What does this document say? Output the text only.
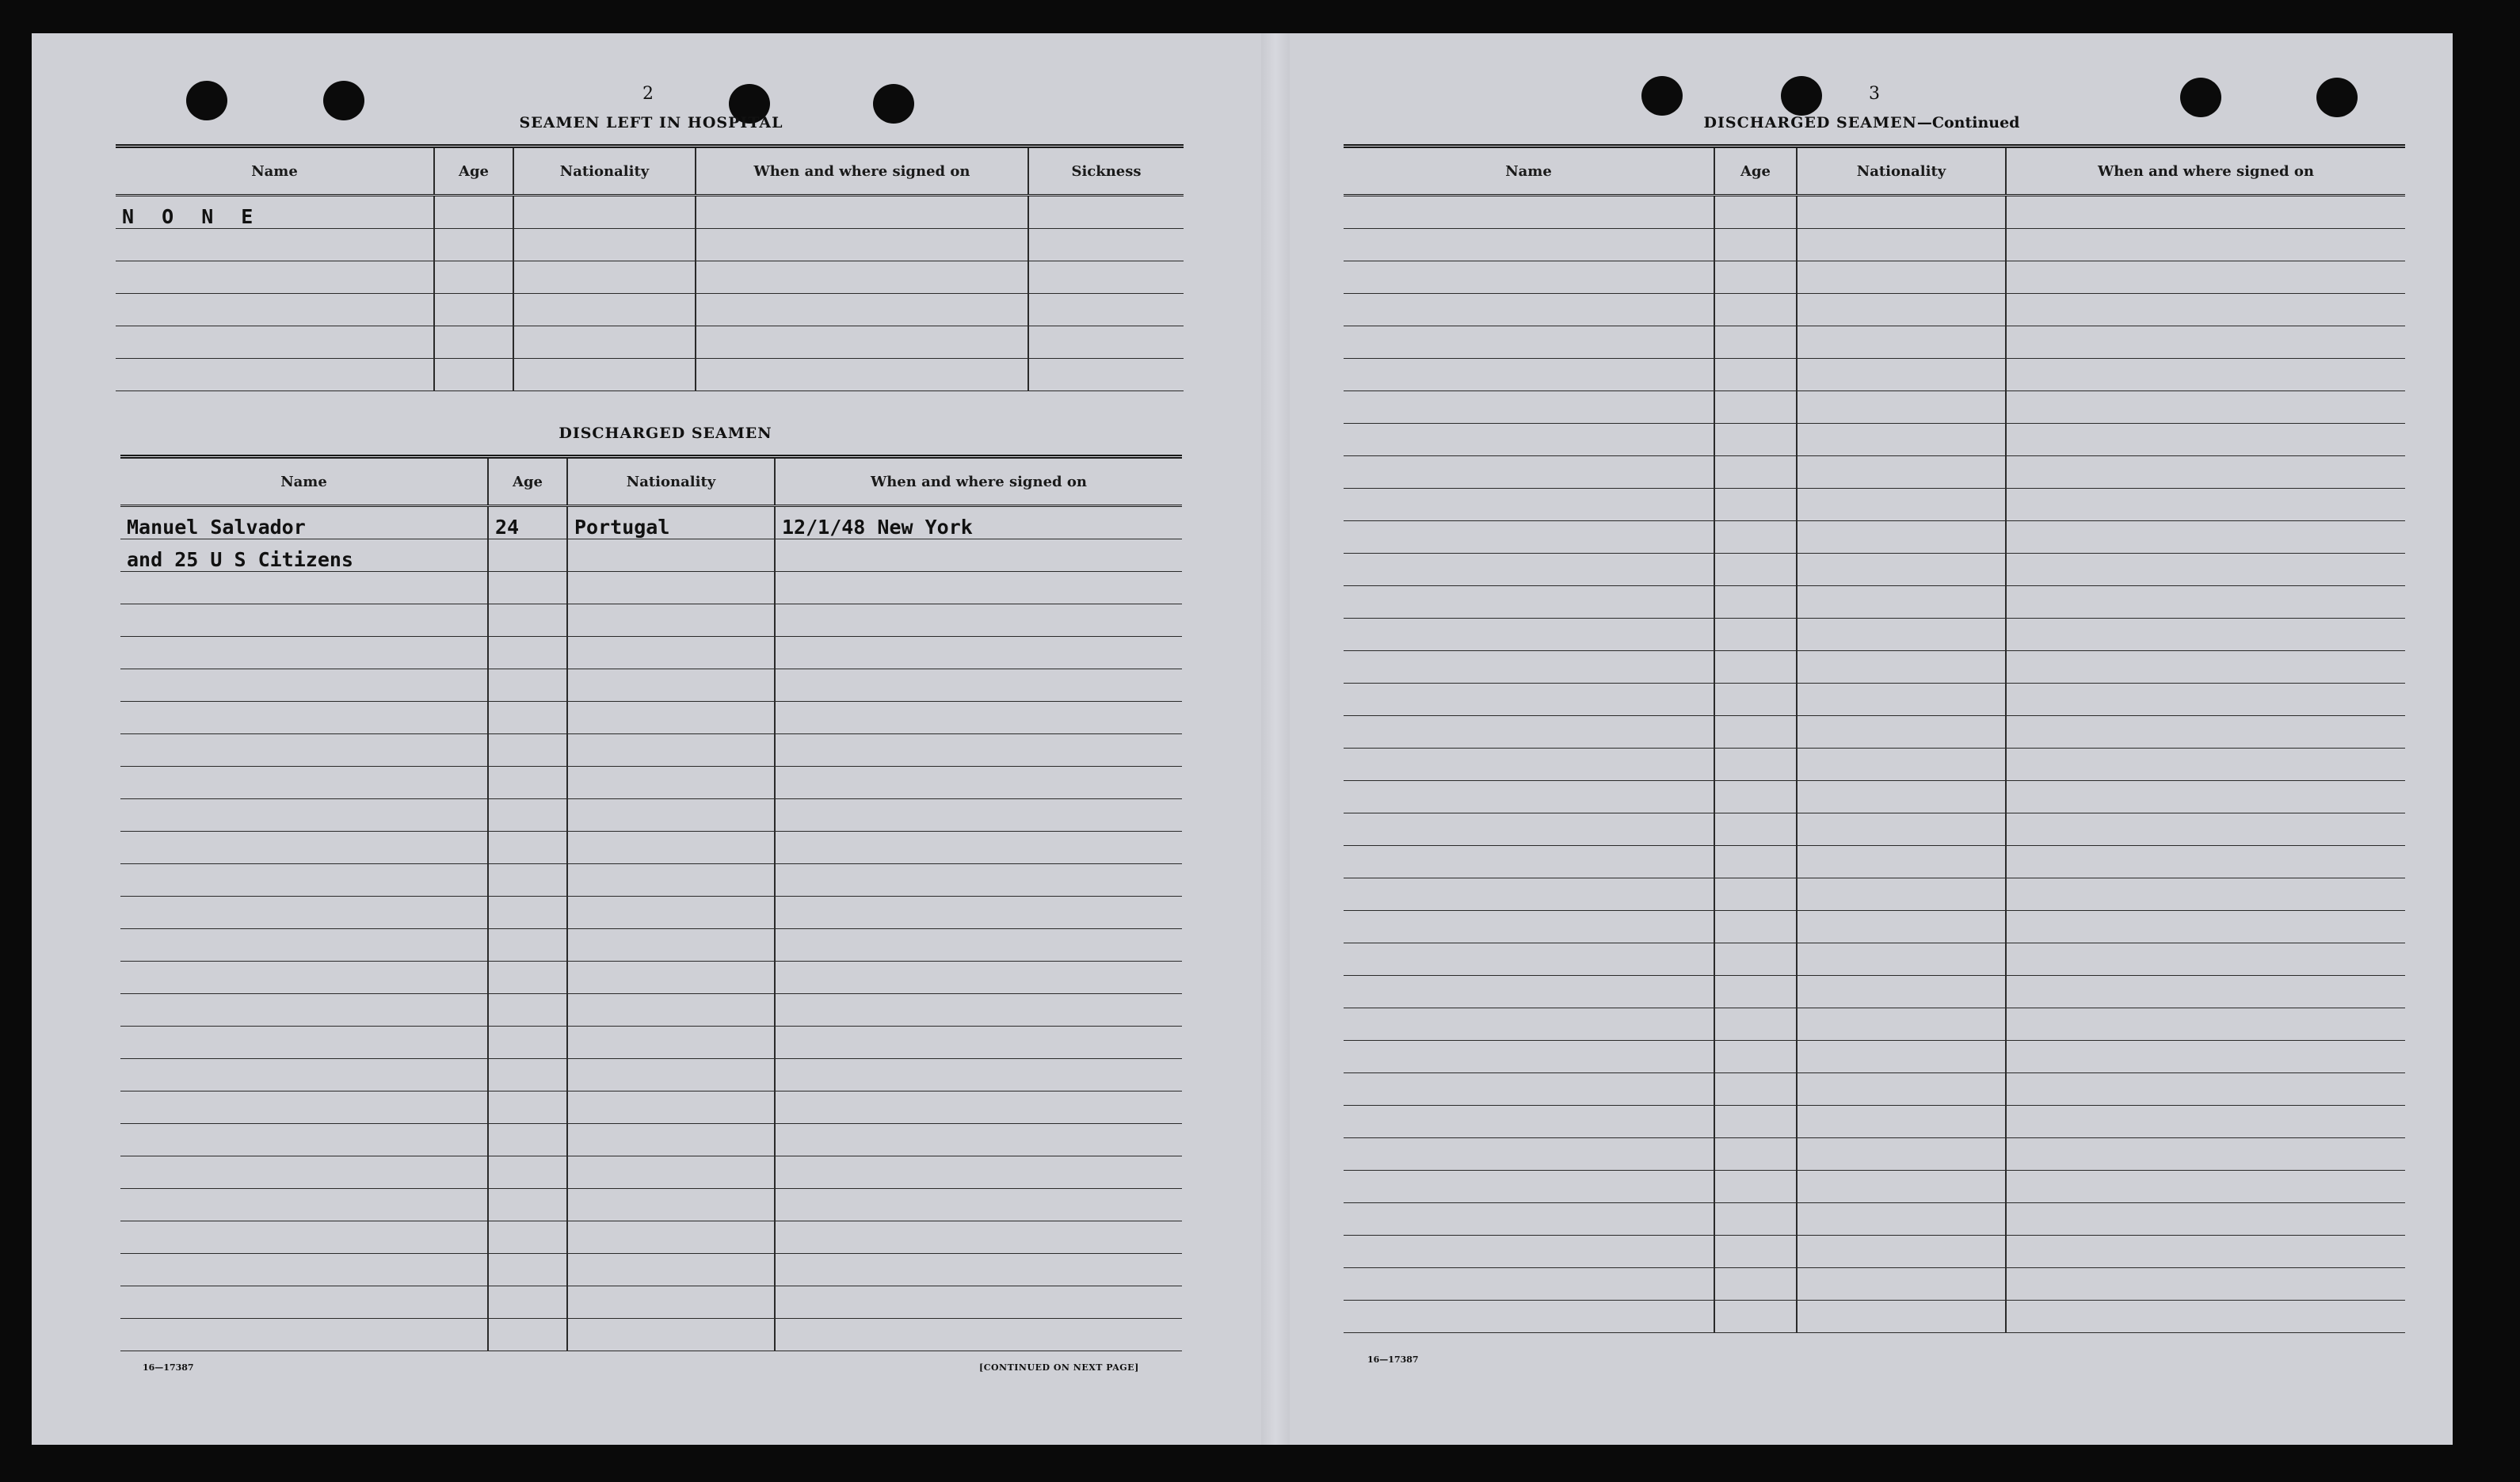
2
SEAMEN LEFT IN HOSPITAL
Name	Age	Nationality	When and where signed on	Sickness
N O N E				

DISCHARGED SEAMEN
Name	Age	Nationality	When and where signed on
Manuel Salvador	24	Portugal	12/1/48 New York
and 25 U S Citizens			

16—17387	[CONTINUED ON NEXT PAGE]
3
DISCHARGED SEAMEN—Continued
Name	Age	Nationality	When and where signed on

16—17387
